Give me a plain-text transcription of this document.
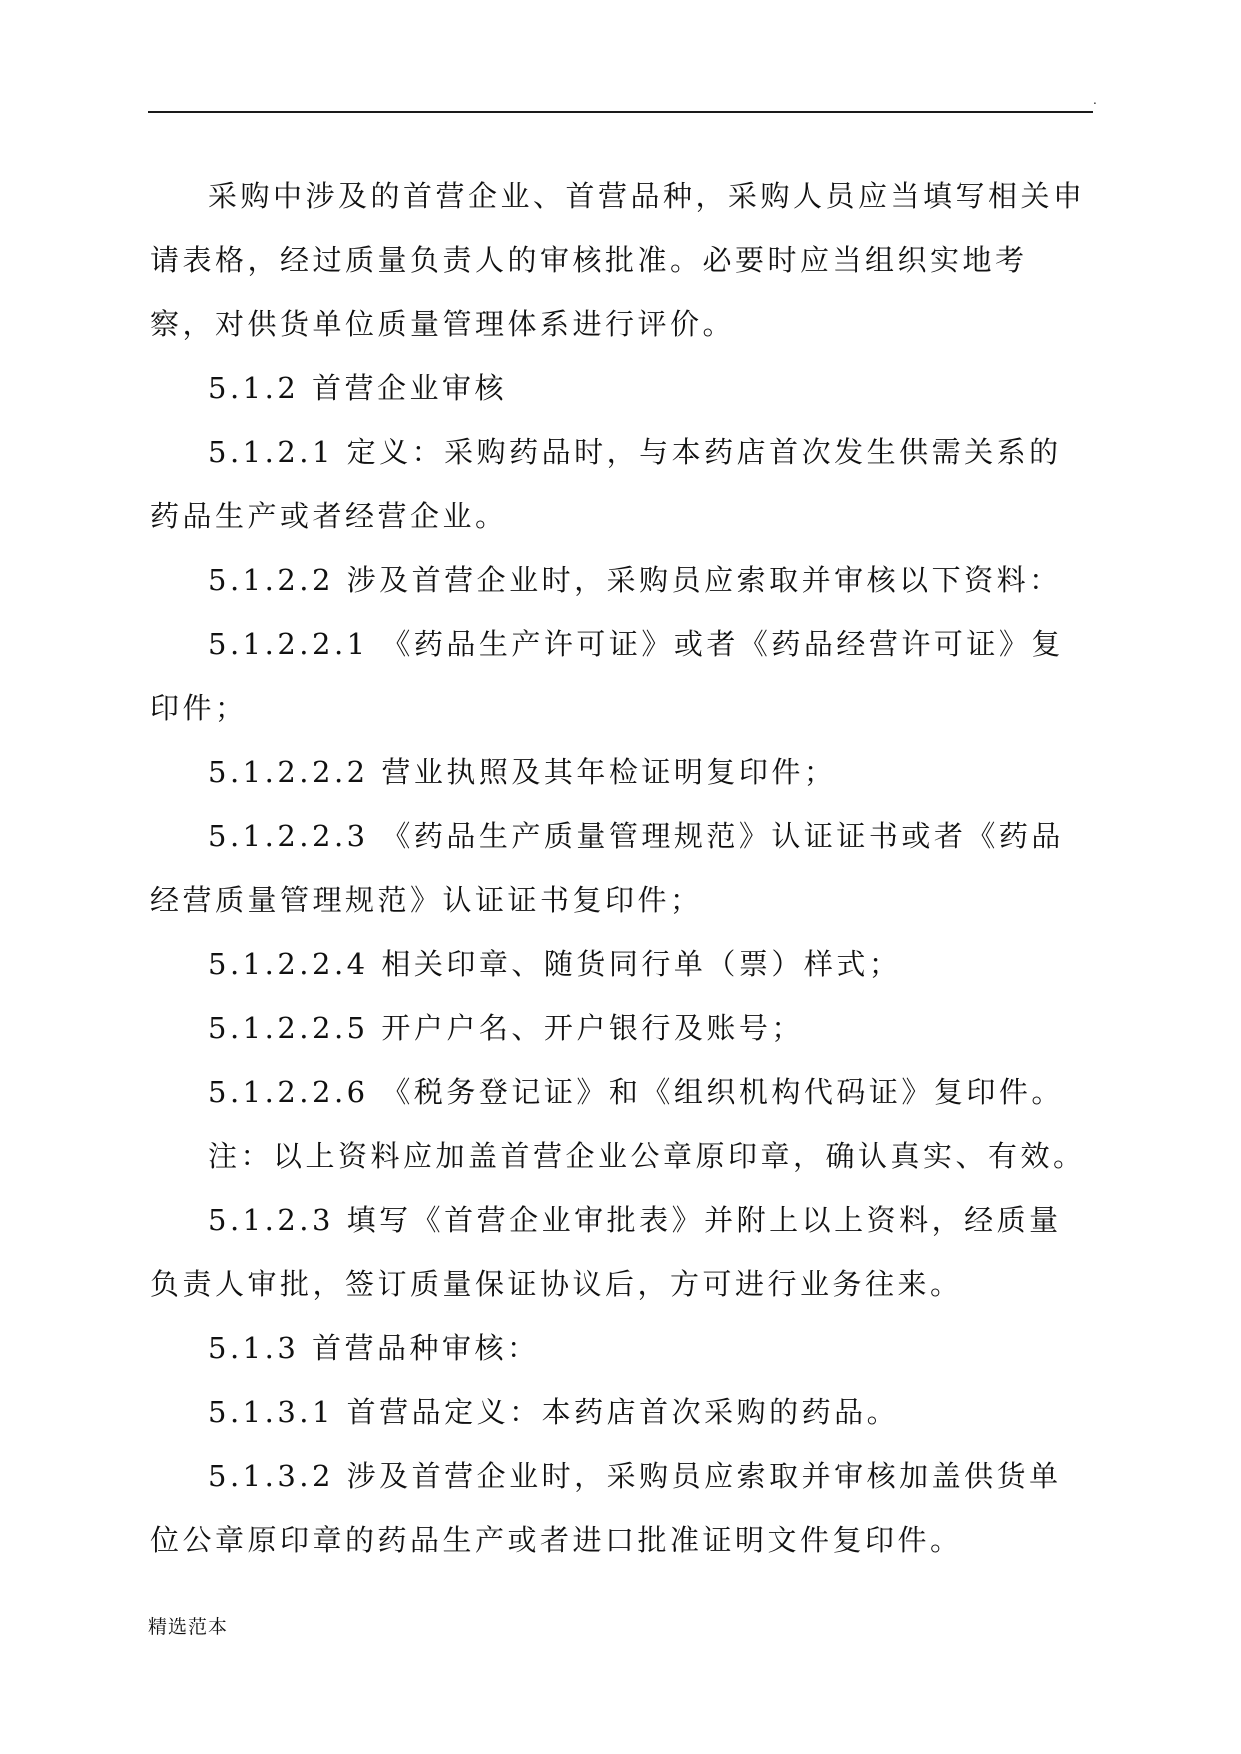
.

采购中涉及的首营企业、首营品种，采购人员应当填写相关申请表格，经过质量负责人的审核批准。必要时应当组织实地考察，对供货单位质量管理体系进行评价。

5.1.2 首营企业审核

5.1.2.1 定义：采购药品时，与本药店首次发生供需关系的药品生产或者经营企业。

5.1.2.2 涉及首营企业时，采购员应索取并审核以下资料：

5.1.2.2.1 《药品生产许可证》或者《药品经营许可证》复印件；

5.1.2.2.2 营业执照及其年检证明复印件；

5.1.2.2.3 《药品生产质量管理规范》认证证书或者《药品经营质量管理规范》认证证书复印件；

5.1.2.2.4 相关印章、随货同行单（票）样式；

5.1.2.2.5 开户户名、开户银行及账号；

5.1.2.2.6 《税务登记证》和《组织机构代码证》复印件。

注：以上资料应加盖首营企业公章原印章，确认真实、有效。

5.1.2.3 填写《首营企业审批表》并附上以上资料，经质量负责人审批，签订质量保证协议后，方可进行业务往来。

5.1.3 首营品种审核：

5.1.3.1 首营品定义：本药店首次采购的药品。

5.1.3.2 涉及首营企业时，采购员应索取并审核加盖供货单位公章原印章的药品生产或者进口批准证明文件复印件。

精选范本
